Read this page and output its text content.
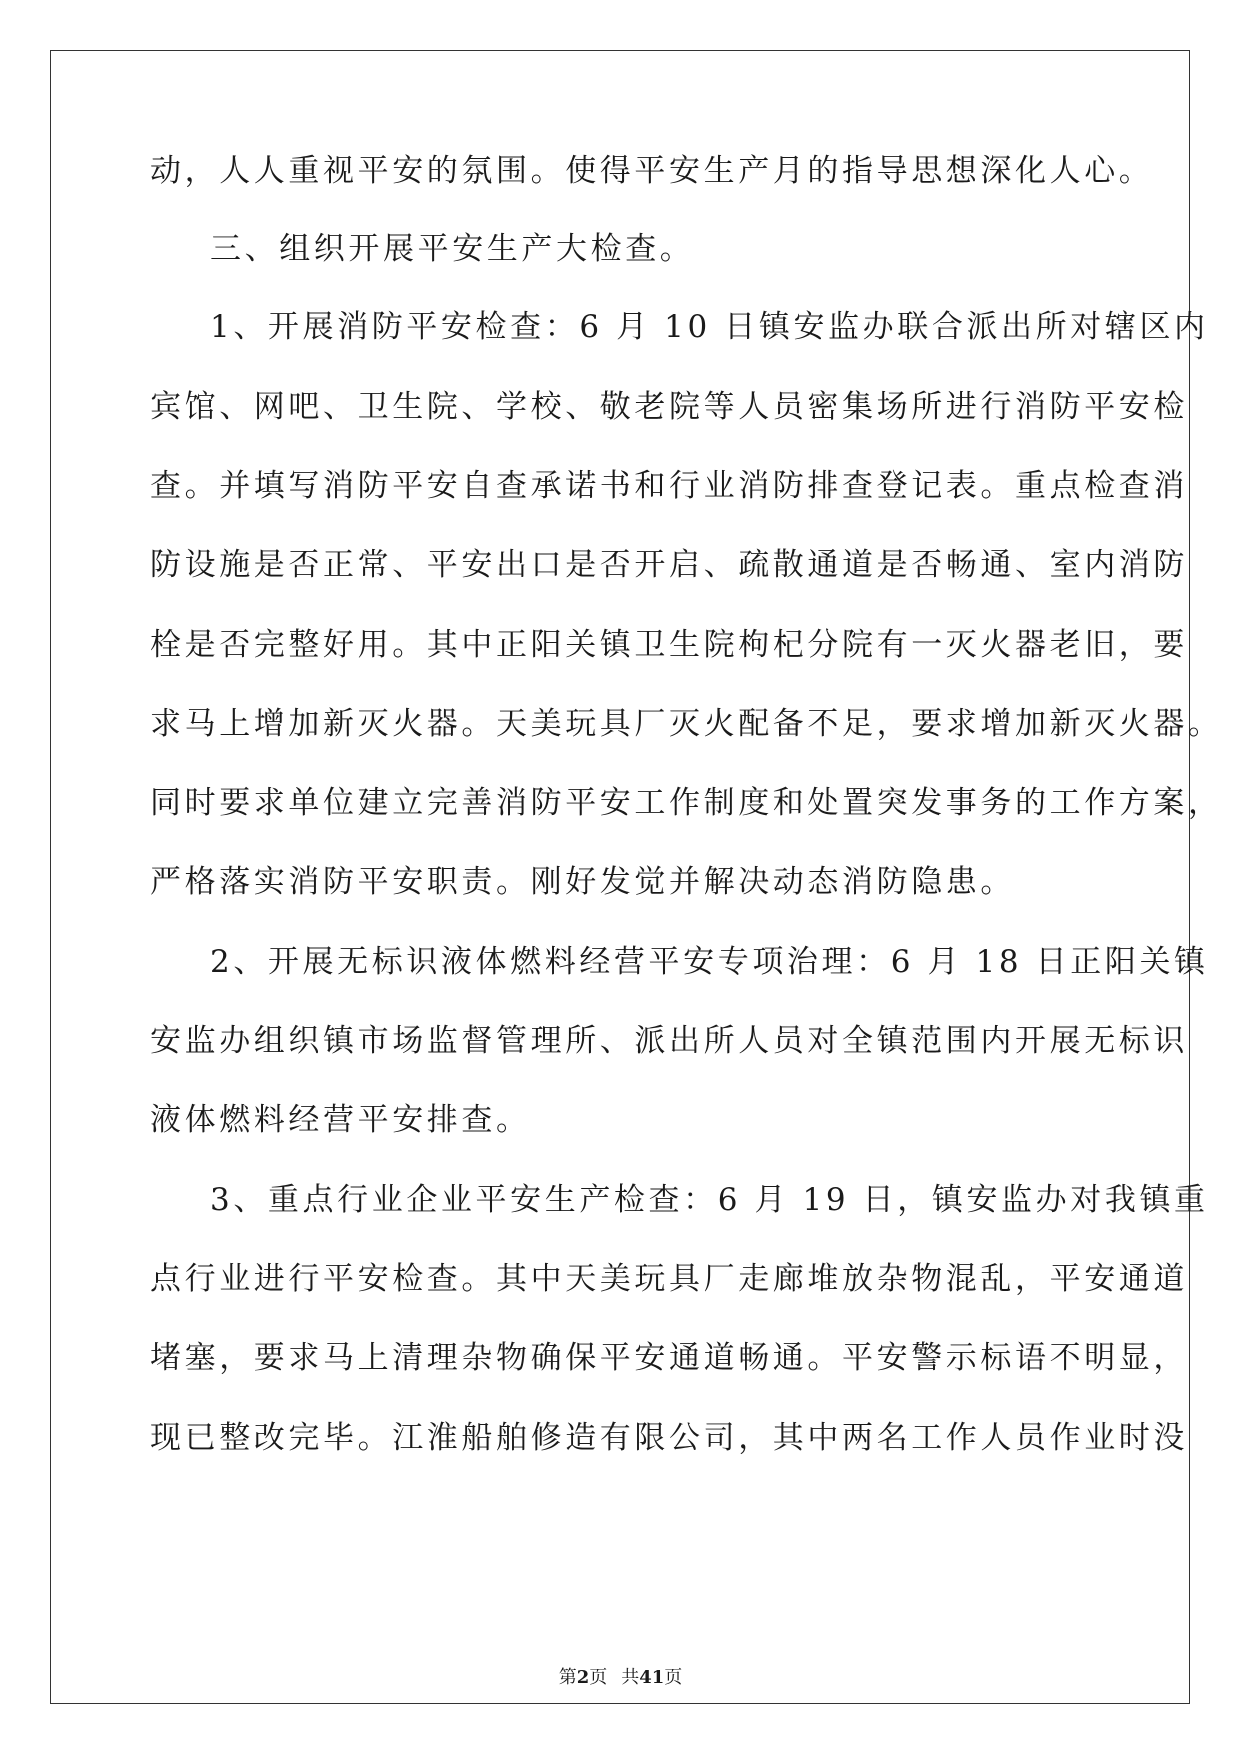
动，人人重视平安的氛围。使得平安生产月的指导思想深化人心。

三、组织开展平安生产大检查。

1、开展消防平安检查：6 月 10 日镇安监办联合派出所对辖区内

宾馆、网吧、卫生院、学校、敬老院等人员密集场所进行消防平安检

查。并填写消防平安自查承诺书和行业消防排查登记表。重点检查消

防设施是否正常、平安出口是否开启、疏散通道是否畅通、室内消防

栓是否完整好用。其中正阳关镇卫生院枸杞分院有一灭火器老旧，要

求马上增加新灭火器。天美玩具厂灭火配备不足，要求增加新灭火器。

同时要求单位建立完善消防平安工作制度和处置突发事务的工作方案，

严格落实消防平安职责。刚好发觉并解决动态消防隐患。

2、开展无标识液体燃料经营平安专项治理：6 月 18 日正阳关镇

安监办组织镇市场监督管理所、派出所人员对全镇范围内开展无标识

液体燃料经营平安排查。

3、重点行业企业平安生产检查：6 月 19 日，镇安监办对我镇重

点行业进行平安检查。其中天美玩具厂走廊堆放杂物混乱，平安通道

堵塞，要求马上清理杂物确保平安通道畅通。平安警示标语不明显，

现已整改完毕。江淮船舶修造有限公司，其中两名工作人员作业时没

第2页 共41页
